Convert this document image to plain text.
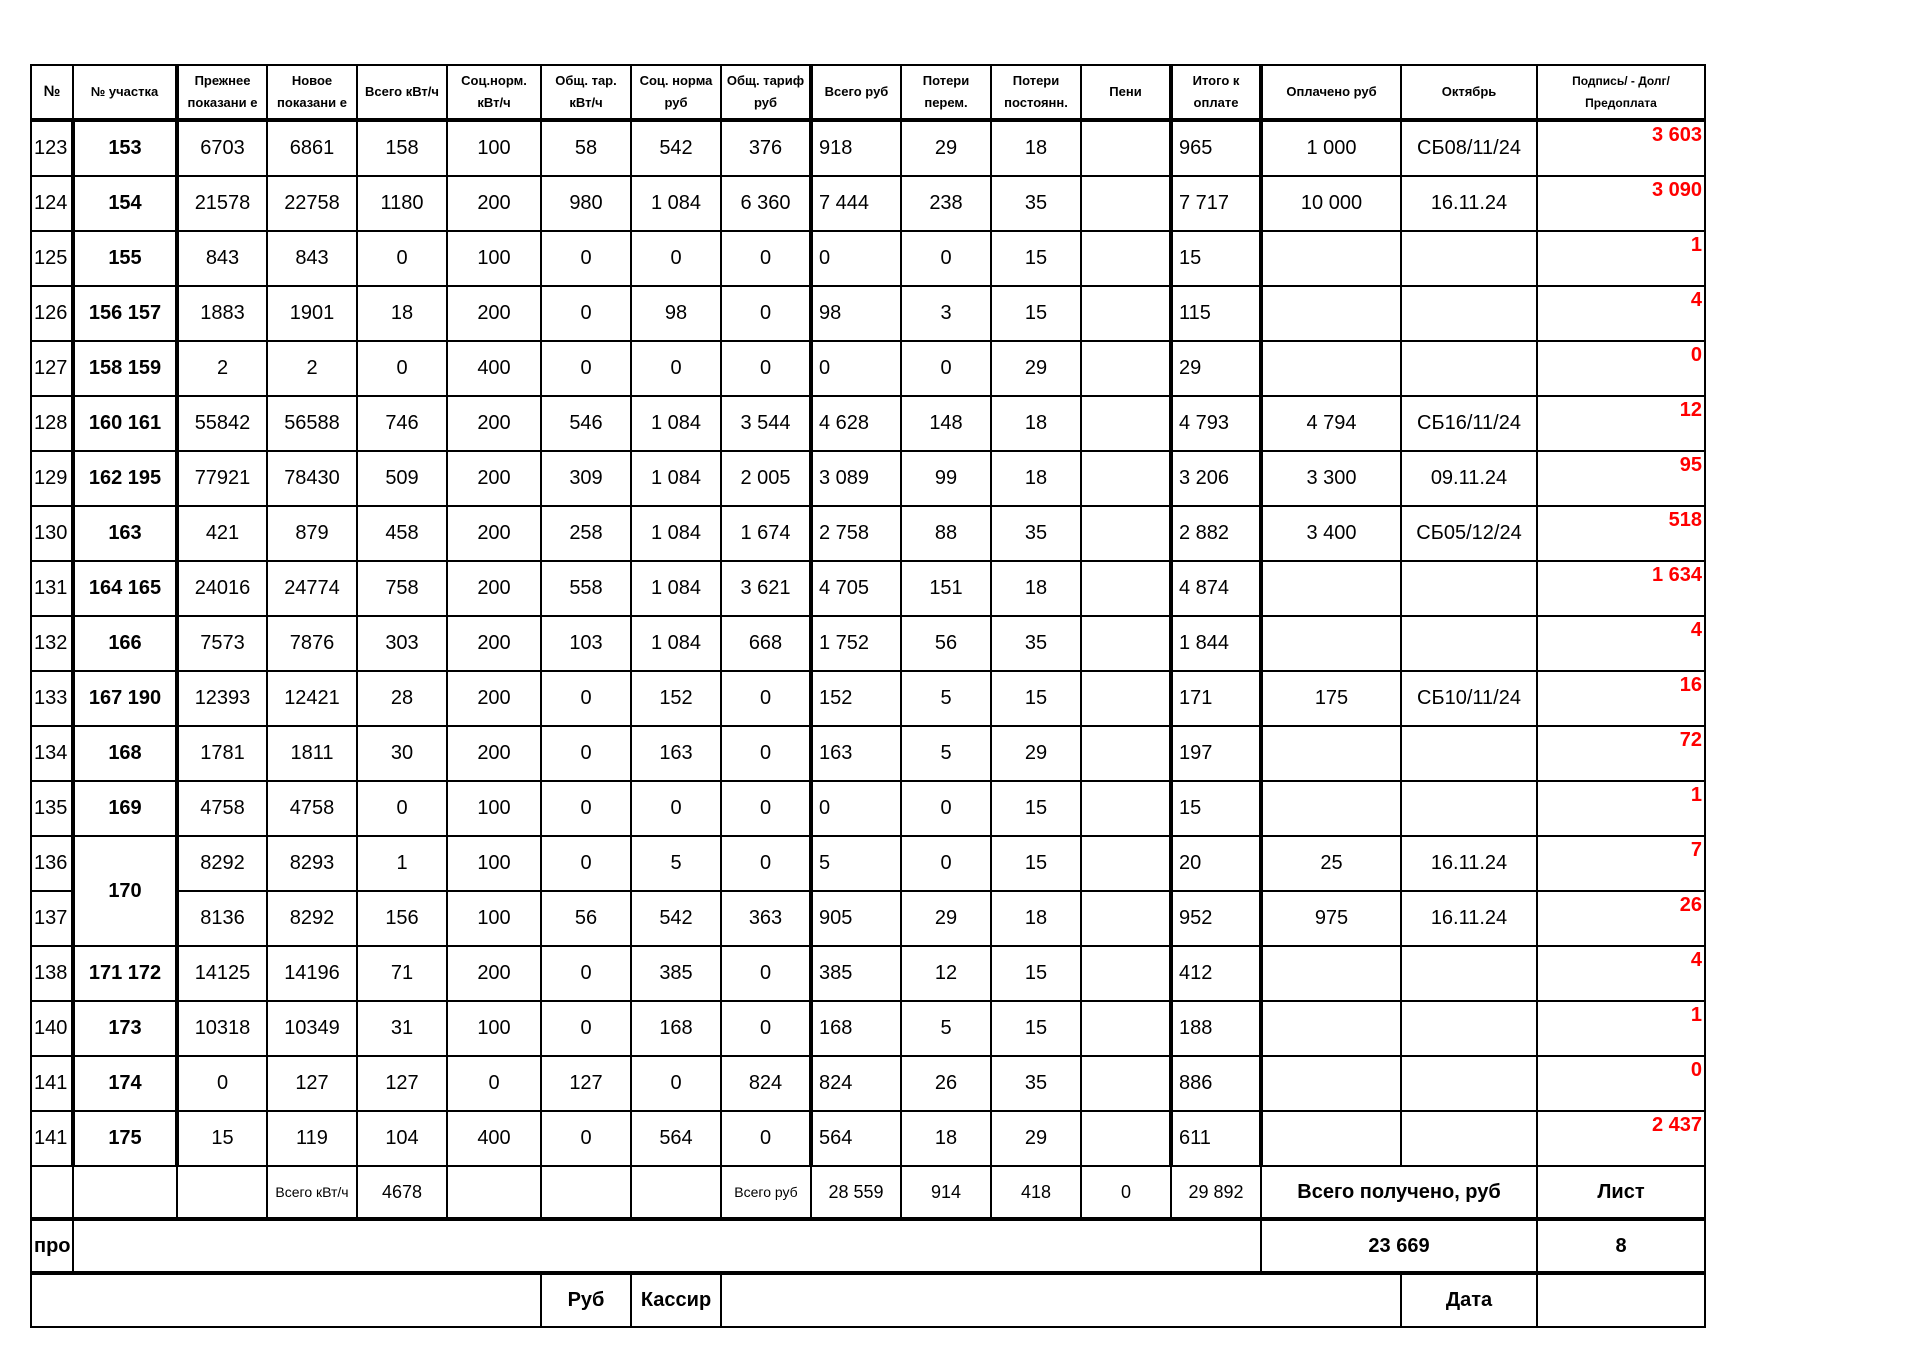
№	№ участка	Прежнее показани е	Новое показани е	Всего кВт/ч	Соц.норм. кВт/ч	Общ. тар. кВт/ч	Соц. норма руб	Общ. тариф руб	Всего руб	Потери перем.	Потери постоянн.	Пени	Итого к оплате	Оплачено руб	Октябрь	Подпись/ - Долг/Предоплата

123	153	6703	6861	158	100	58	542	376	918	29	18		965	1 000	СБ08/11/24	3 603
124	154	21578	22758	1180	200	980	1 084	6 360	7 444	238	35		7 717	10 000	16.11.24	3 090
125	155	843	843	0	100	0	0	0	0	0	15		15			1
126	156 157	1883	1901	18	200	0	98	0	98	3	15		115			4
127	158 159	2	2	0	400	0	0	0	0	0	29		29			0
128	160 161	55842	56588	746	200	546	1 084	3 544	4 628	148	18		4 793	4 794	СБ16/11/24	12
129	162 195	77921	78430	509	200	309	1 084	2 005	3 089	99	18		3 206	3 300	09.11.24	95
130	163	421	879	458	200	258	1 084	1 674	2 758	88	35		2 882	3 400	СБ05/12/24	518
131	164 165	24016	24774	758	200	558	1 084	3 621	4 705	151	18		4 874			1 634
132	166	7573	7876	303	200	103	1 084	668	1 752	56	35		1 844			4
133	167 190	12393	12421	28	200	0	152	0	152	5	15		171	175	СБ10/11/24	16
134	168	1781	1811	30	200	0	163	0	163	5	29		197			72
135	169	4758	4758	0	100	0	0	0	0	0	15		15			1
136	170	8292	8293	1	100	0	5	0	5	0	15		20	25	16.11.24	7
137		8136	8292	156	100	56	542	363	905	29	18		952	975	16.11.24	26
138	171 172	14125	14196	71	200	0	385	0	385	12	15		412			4
140	173	10318	10349	31	100	0	168	0	168	5	15		188			1
141	174	0	127	127	0	127	0	824	824	26	35		886			0
141	175	15	119	104	400	0	564	0	564	18	29		611			2 437
			Всего кВт/ч	4678				Всего руб	28 559	914	418	0	29 892	Всего получено, руб		Лист
про														23 669		8
						Руб	Кассир								Дата	
